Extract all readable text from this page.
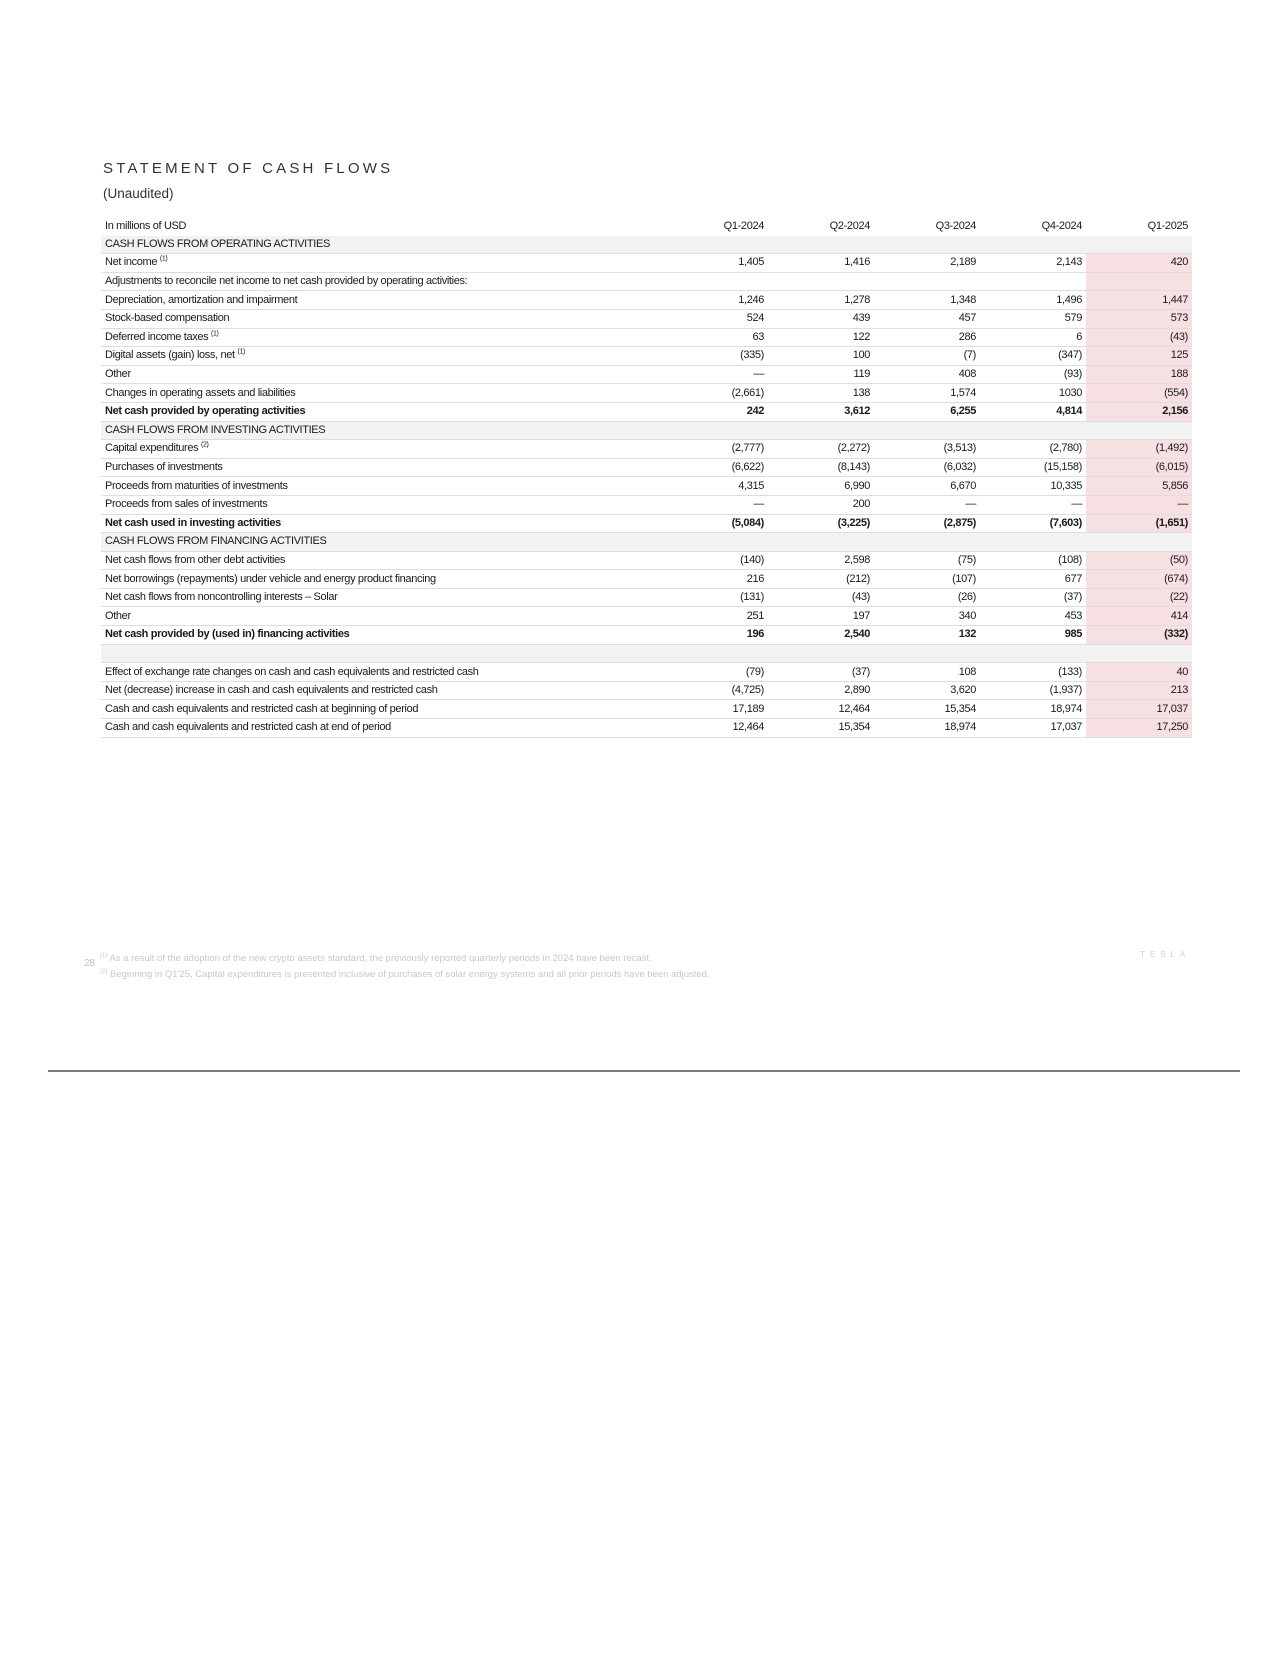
STATEMENT OF CASH FLOWS
(Unaudited)
In millions of USD	Q1-2024	Q2-2024	Q3-2024	Q4-2024	Q1-2025
CASH FLOWS FROM OPERATING ACTIVITIES					
Net income $^{(1)}$	1,405	1,416	2,189	2,143	420
Adjustments to reconcile net income to net cash provided by operating activities:					
Depreciation, amortization and impairment	1,246	1,278	1,348	1,496	1,447
Stock-based compensation	524	439	457	579	573
Deferred income taxes $^{(1)}$	63	122	286	6	(43)
Digital assets (gain) loss, net $^{(1)}$	(335)	100	(7)	(347)	125
Other	—	119	408	(93)	188
Changes in operating assets and liabilities	(2,661)	138	1,574	1030	(554)
Net cash provided by operating activities	242	3,612	6,255	4,814	2,156
CASH FLOWS FROM INVESTING ACTIVITIES					
Capital expenditures $^{(2)}$	(2,777)	(2,272)	(3,513)	(2,780)	(1,492)
Purchases of investments	(6,622)	(8,143)	(6,032)	(15,158)	(6,015)
Proceeds from maturities of investments	4,315	6,990	6,670	10,335	5,856
Proceeds from sales of investments	—	200	—	—	—
Net cash used in investing activities	(5,084)	(3,225)	(2,875)	(7,603)	(1,651)
CASH FLOWS FROM FINANCING ACTIVITIES					
Net cash flows from other debt activities	(140)	2,598	(75)	(108)	(50)
Net borrowings (repayments) under vehicle and energy product financing	216	(212)	(107)	677	(674)
Net cash flows from noncontrolling interests – Solar	(131)	(43)	(26)	(37)	(22)
Other	251	197	340	453	414
Net cash provided by (used in) financing activities	196	2,540	132	985	(332)

Effect of exchange rate changes on cash and cash equivalents and restricted cash	(79)	(37)	108	(133)	40
Net (decrease) increase in cash and cash equivalents and restricted cash	(4,725)	2,890	3,620	(1,937)	213
Cash and cash equivalents and restricted cash at beginning of period	17,189	12,464	15,354	18,974	17,037
Cash and cash equivalents and restricted cash at end of period	12,464	15,354	18,974	17,037	17,250
28
$^{(1)}$ As a result of the adoption of the new crypto assets standard, the previously reported quarterly periods in 2024 have been recast.
$^{(2)}$ Beginning in Q1'25, Capital expenditures is presented inclusive of purchases of solar energy systems and all prior periods have been adjusted.
TESLA
